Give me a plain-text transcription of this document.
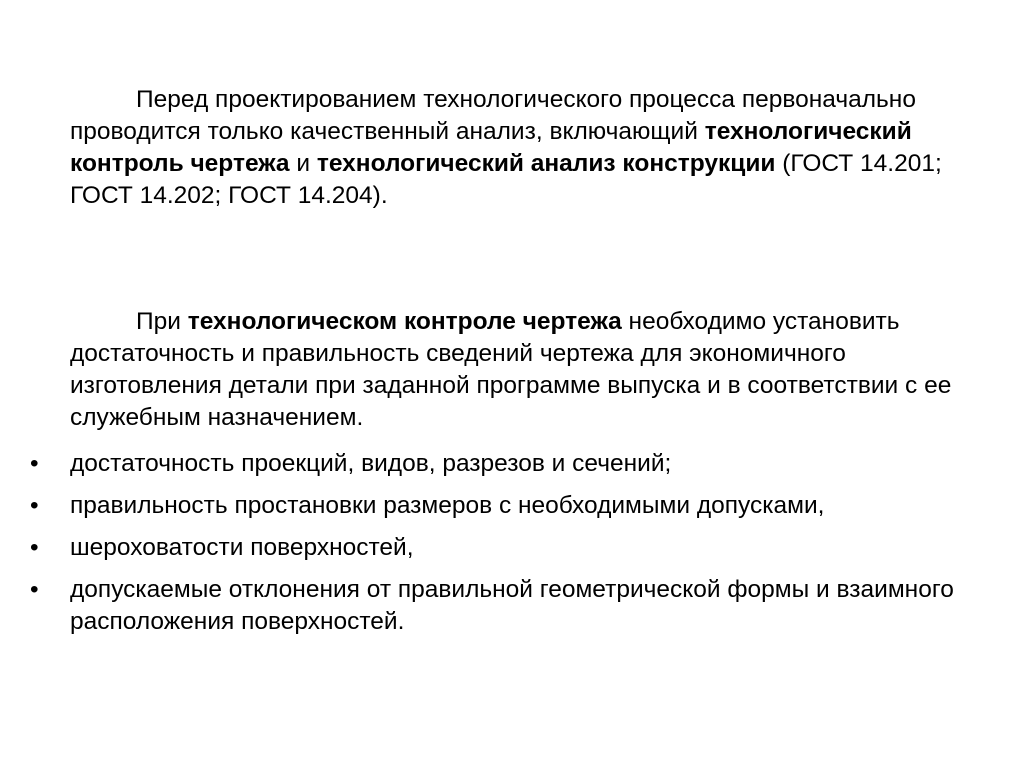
Перед проектированием технологического процесса первоначально проводится только качественный анализ, включающий технологический контроль чертежа и технологический анализ конструкции (ГОСТ 14.201; ГОСТ 14.202; ГОСТ 14.204).

При технологическом контроле чертежа необходимо установить достаточность и правильность сведений чертежа для экономичного изготовления детали при заданной программе выпуска и в соответствии с ее служебным назначением.

• достаточность проекций, видов, разрезов и сечений;
• правильность простановки размеров с необходимыми допусками,
• шероховатости поверхностей,
• допускаемые отклонения от правильной геометрической формы и взаимного расположения поверхностей.
